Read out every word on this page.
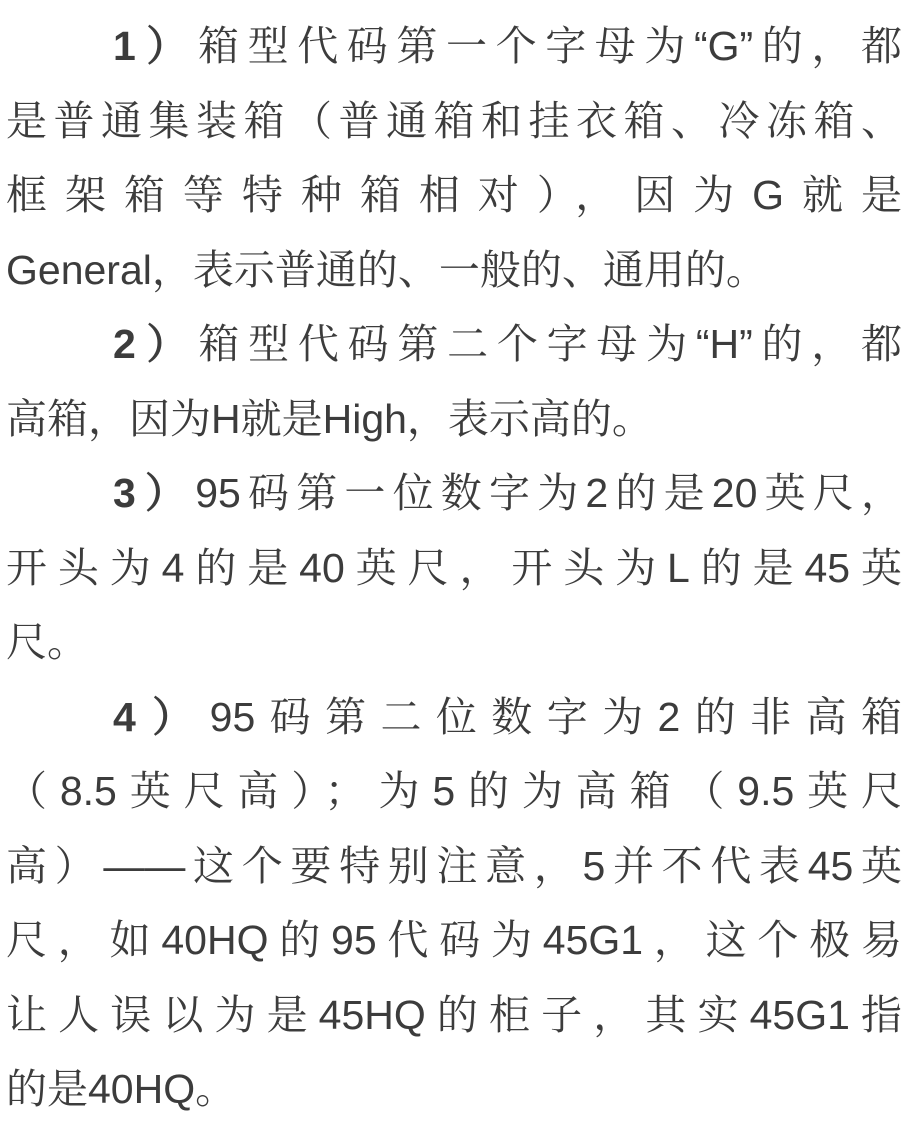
1）箱型代码第一个字母为“G”的，都
是普通集装箱（普通箱和挂衣箱、冷冻箱、
框架箱等特种箱相对），因为G就是
General，表示普通的、一般的、通用的。
2）箱型代码第二个字母为“H”的，都
高箱，因为H就是High，表示高的。
3）95码第一位数字为2的是20英尺，
开头为4的是40英尺，开头为L的是45英
尺。
4）95码第二位数字为2的非高箱
（8.5英尺高）；为5的为高箱（9.5英尺
高）——这个要特别注意，5并不代表45英
尺，如40HQ的95代码为45G1，这个极易
让人误以为是45HQ的柜子，其实45G1指
的是40HQ。
